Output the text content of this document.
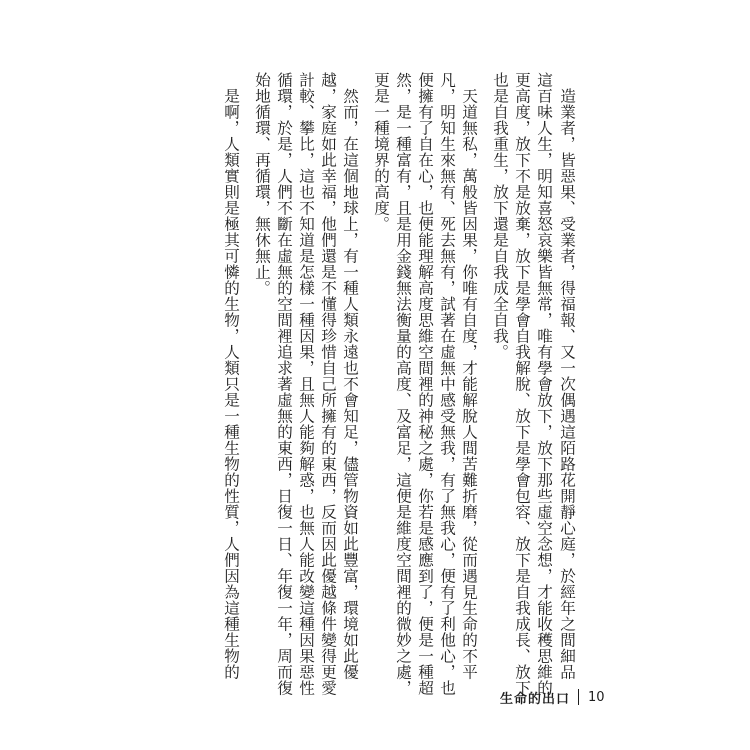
　造業者，皆惡果、受業者，得福報、又一次偶遇這陌路花開靜心庭，於經年之間細品
這百味人生，明知喜怒哀樂皆無常，唯有學會放下，放下那些虛空念想，才能收穫思維的
更高度，放下不是放棄，放下是學會自我解脫、放下是學會包容、放下是自我成長、放下
也是自我重生，放下還是自我成全自我。
　天道無私，萬般皆因果，你唯有自度，才能解脫人間苦難折磨，從而遇見生命的不平
凡，明知生來無有、死去無有，試著在虛無中感受無我，有了無我心，便有了利他心，也
便擁有了自在心，也便能理解高度思維空間裡的神秘之處，你若是感應到了，便是一種超
然，是一種富有，且是用金錢無法衡量的高度、及富足，這便是維度空間裡的微妙之處，
更是一種境界的高度。
　然而，在這個地球上，有一種人類永遠也不會知足，儘管物資如此豐富，環境如此優
越，家庭如此幸福，他們還是不懂得珍惜自己所擁有的東西，反而因此優越條件變得更愛
計較、攀比，這也不知道是怎樣一種因果，且無人能夠解惑，也無人能改變這種因果惡性
循環，於是，人們不斷在虛無的空間裡追求著虛無的東西，日復一日、年復一年，周而復
始地循環、再循環，無休無止。
　是啊，人類實則是極其可憐的生物，人類只是一種生物的性質，人們因為這種生物的
生命的出口 10
